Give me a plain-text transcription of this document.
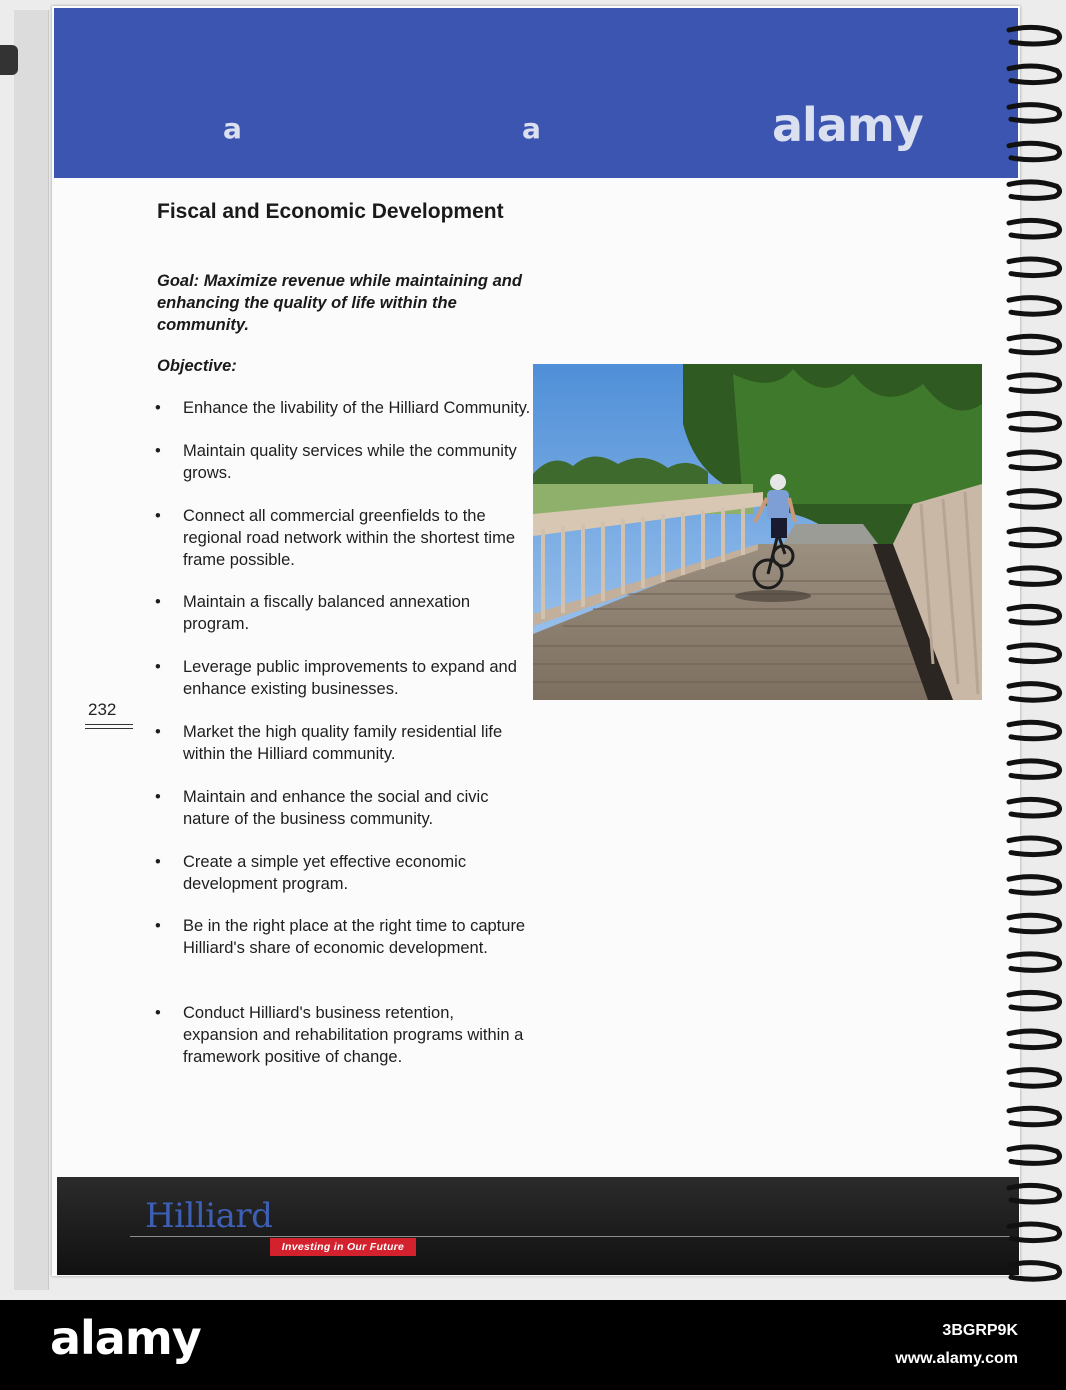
a	a	alamy
Fiscal and Economic Development

Goal: Maximize revenue while maintaining and enhancing the quality of life within the community.

Objective:

•	Enhance the livability of the Hilliard Community.
•	Maintain quality services while the community grows.
•	Connect all commercial greenfields to the regional road network within the shortest time frame possible.
•	Maintain a fiscally balanced annexation program.
•	Leverage public improvements to expand and enhance existing businesses.
•	Market the high quality family residential life within the Hilliard community.
•	Maintain and enhance the social and civic nature of the business community.
•	Create a simple yet effective economic development program.
•	Be in the right place at the right time to capture Hilliard's share of economic development.
•	Conduct Hilliard's business retention, expansion and rehabilitation programs within a framework positive of change.
232
Hilliard
Investing in Our Future
alamy	3BGRP9K
www.alamy.com
